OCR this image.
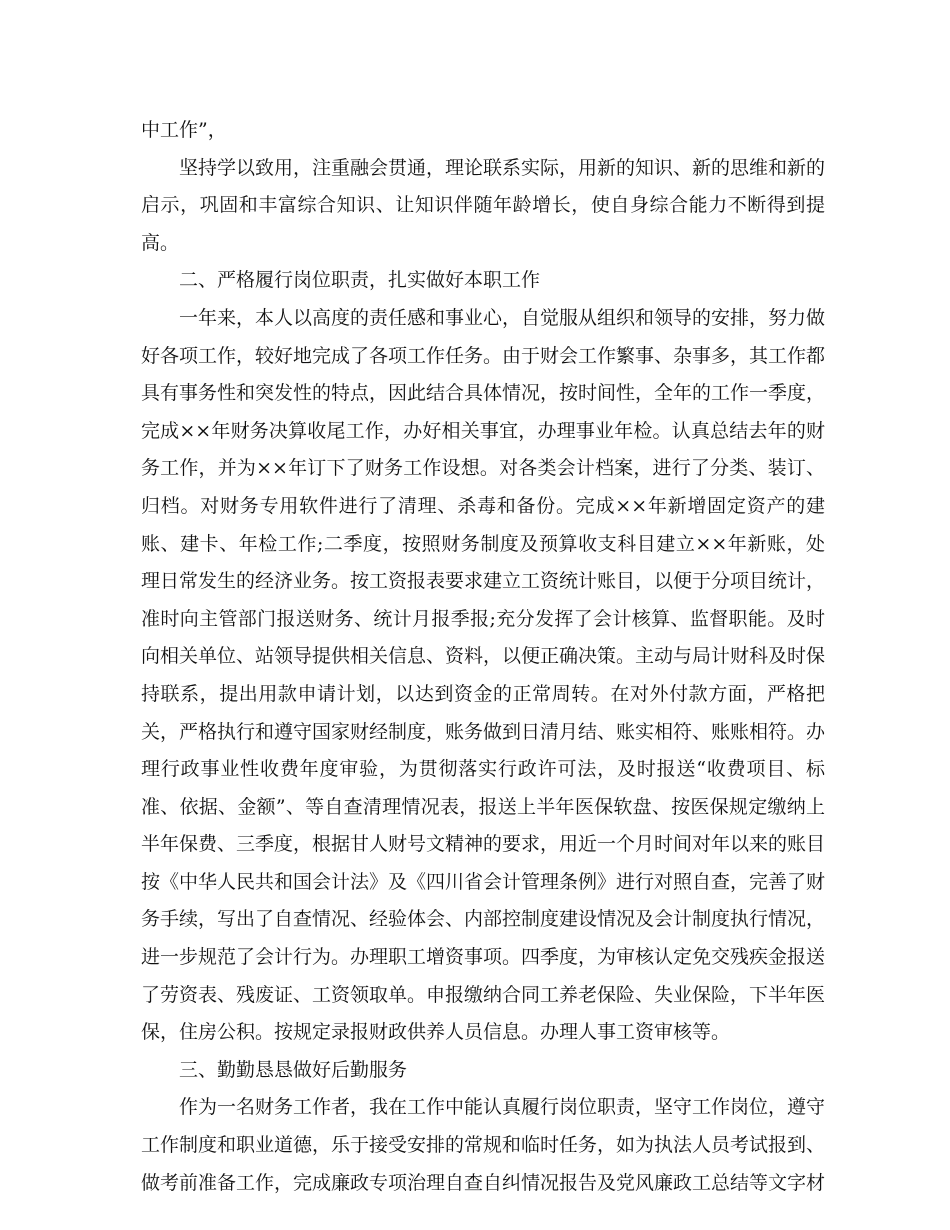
中工作”，

坚持学以致用，注重融会贯通，理论联系实际，用新的知识、新的思维和新的启示，巩固和丰富综合知识、让知识伴随年龄增长，使自身综合能力不断得到提高。

二、严格履行岗位职责，扎实做好本职工作

一年来，本人以高度的责任感和事业心，自觉服从组织和领导的安排，努力做好各项工作，较好地完成了各项工作任务。由于财会工作繁事、杂事多，其工作都具有事务性和突发性的特点，因此结合具体情况，按时间性，全年的工作一季度，完成××年财务决算收尾工作，办好相关事宜，办理事业年检。认真总结去年的财务工作，并为××年订下了财务工作设想。对各类会计档案，进行了分类、装订、归档。对财务专用软件进行了清理、杀毒和备份。完成××年新增固定资产的建账、建卡、年检工作;二季度，按照财务制度及预算收支科目建立××年新账，处理日常发生的经济业务。按工资报表要求建立工资统计账目，以便于分项目统计，准时向主管部门报送财务、统计月报季报;充分发挥了会计核算、监督职能。及时向相关单位、站领导提供相关信息、资料，以便正确决策。主动与局计财科及时保持联系，提出用款申请计划，以达到资金的正常周转。在对外付款方面，严格把关，严格执行和遵守国家财经制度，账务做到日清月结、账实相符、账账相符。办理行政事业性收费年度审验，为贯彻落实行政许可法，及时报送“收费项目、标准、依据、金额”、等自查清理情况表，报送上半年医保软盘、按医保规定缴纳上半年保费、三季度，根据甘人财号文精神的要求，用近一个月时间对年以来的账目按《中华人民共和国会计法》及《四川省会计管理条例》进行对照自查，完善了财务手续，写出了自查情况、经验体会、内部控制度建设情况及会计制度执行情况，进一步规范了会计行为。办理职工增资事项。四季度，为审核认定免交残疾金报送了劳资表、残废证、工资领取单。申报缴纳合同工养老保险、失业保险，下半年医保，住房公积。按规定录报财政供养人员信息。办理人事工资审核等。

三、勤勤恳恳做好后勤服务

作为一名财务工作者，我在工作中能认真履行岗位职责，坚守工作岗位，遵守工作制度和职业道德，乐于接受安排的常规和临时任务，如为执法人员考试报到、做考前准备工作，完成廉政专项治理自查自纠情况报告及党风廉政工总结等文字材
